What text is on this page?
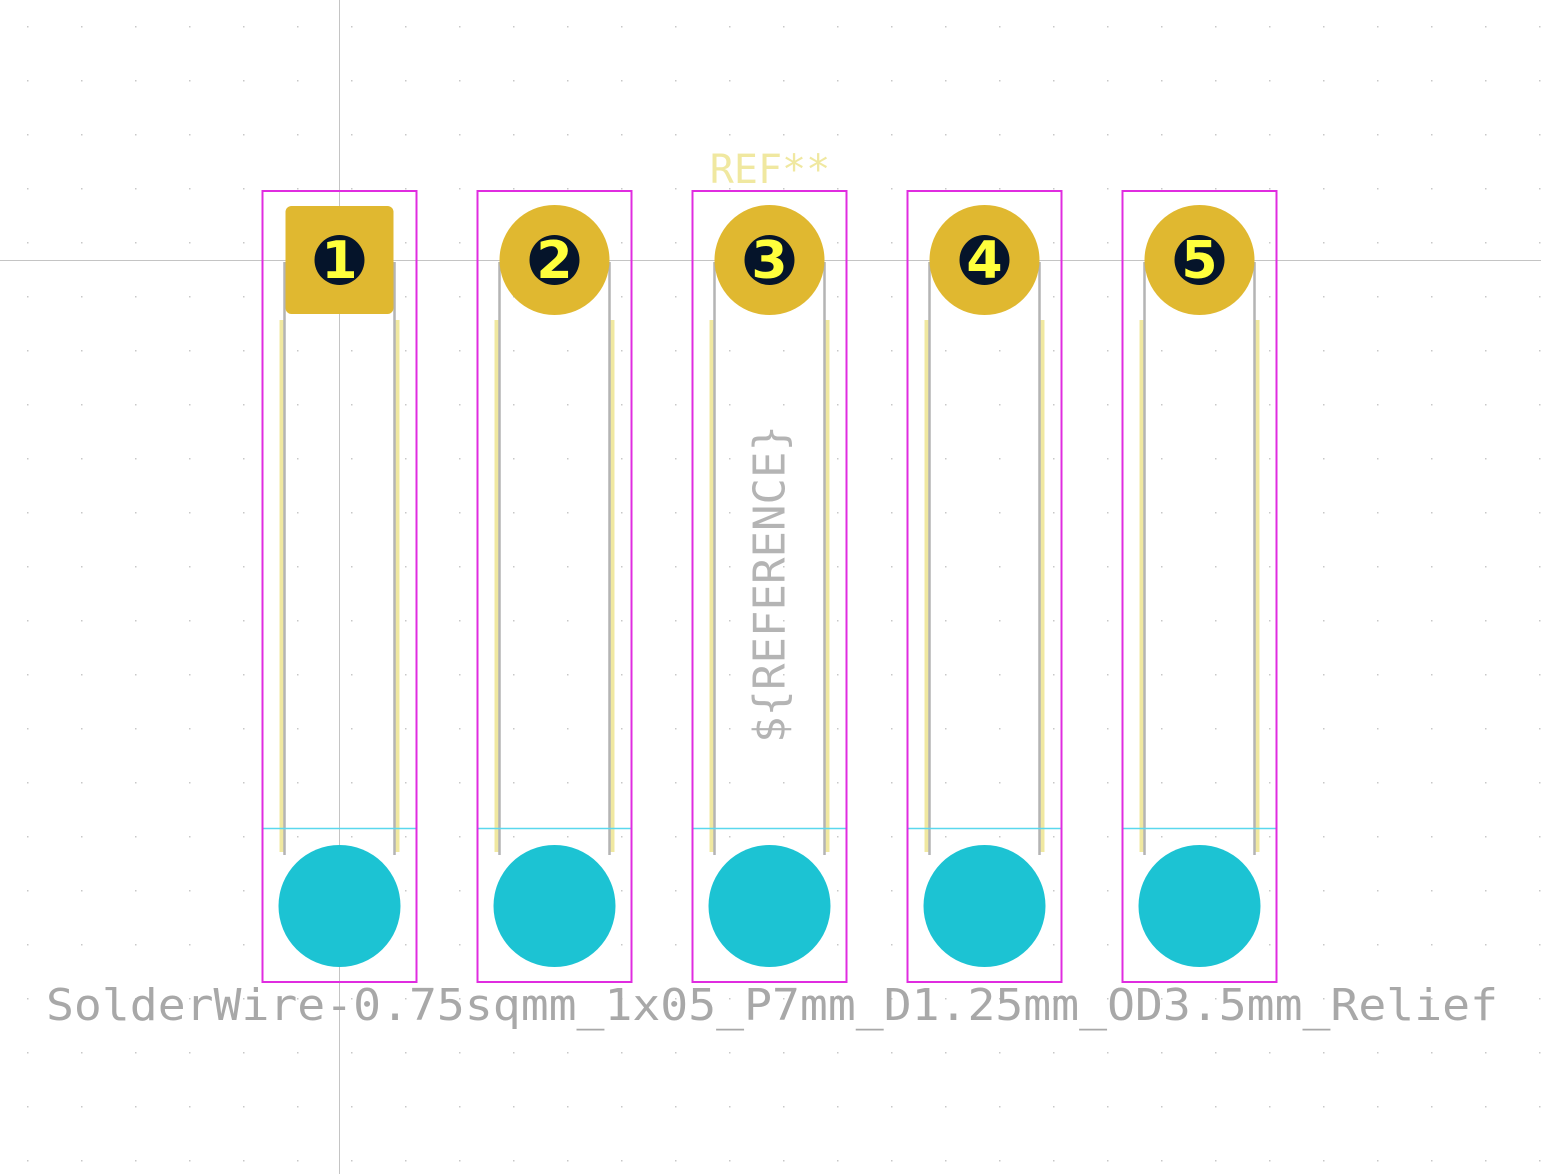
1	2	3	4	5
REF**
${REFERENCE}
SolderWire-0.75sqmm_1x05_P7mm_D1.25mm_OD3.5mm_Relief
